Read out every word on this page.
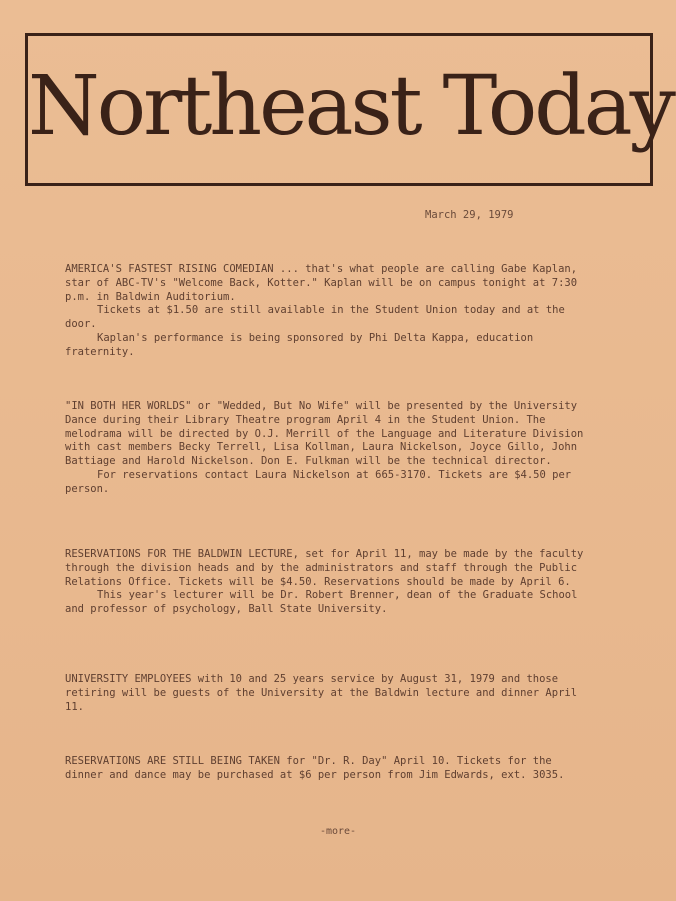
Northeast Today
March 29, 1979

AMERICA'S FASTEST RISING COMEDIAN ... that's what people are calling Gabe Kaplan, star of ABC-TV's "Welcome Back, Kotter." Kaplan will be on campus tonight at 7:30 p.m. in Baldwin Auditorium.

Tickets at $1.50 are still available in the Student Union today and at the door.

Kaplan's performance is being sponsored by Phi Delta Kappa, education fraternity.

"IN BOTH HER WORLDS" or "Wedded, But No Wife" will be presented by the University Dance during their Library Theatre program April 4 in the Student Union. The melodrama will be directed by O.J. Merrill of the Language and Literature Division with cast members Becky Terrell, Lisa Kollman, Laura Nickelson, Joyce Gillo, John Battiage and Harold Nickelson. Don E. Fulkman will be the technical director.

For reservations contact Laura Nickelson at 665-3170. Tickets are $4.50 per person.

RESERVATIONS FOR THE BALDWIN LECTURE, set for April 11, may be made by the faculty through the division heads and by the administrators and staff through the Public Relations Office. Tickets will be $4.50. Reservations should be made by April 6.

This year's lecturer will be Dr. Robert Brenner, dean of the Graduate School and professor of psychology, Ball State University.

UNIVERSITY EMPLOYEES with 10 and 25 years service by August 31, 1979 and those retiring will be guests of the University at the Baldwin lecture and dinner April 11.

RESERVATIONS ARE STILL BEING TAKEN for "Dr. R. Day" April 10. Tickets for the dinner and dance may be purchased at $6 per person from Jim Edwards, ext. 3035.

-more-
